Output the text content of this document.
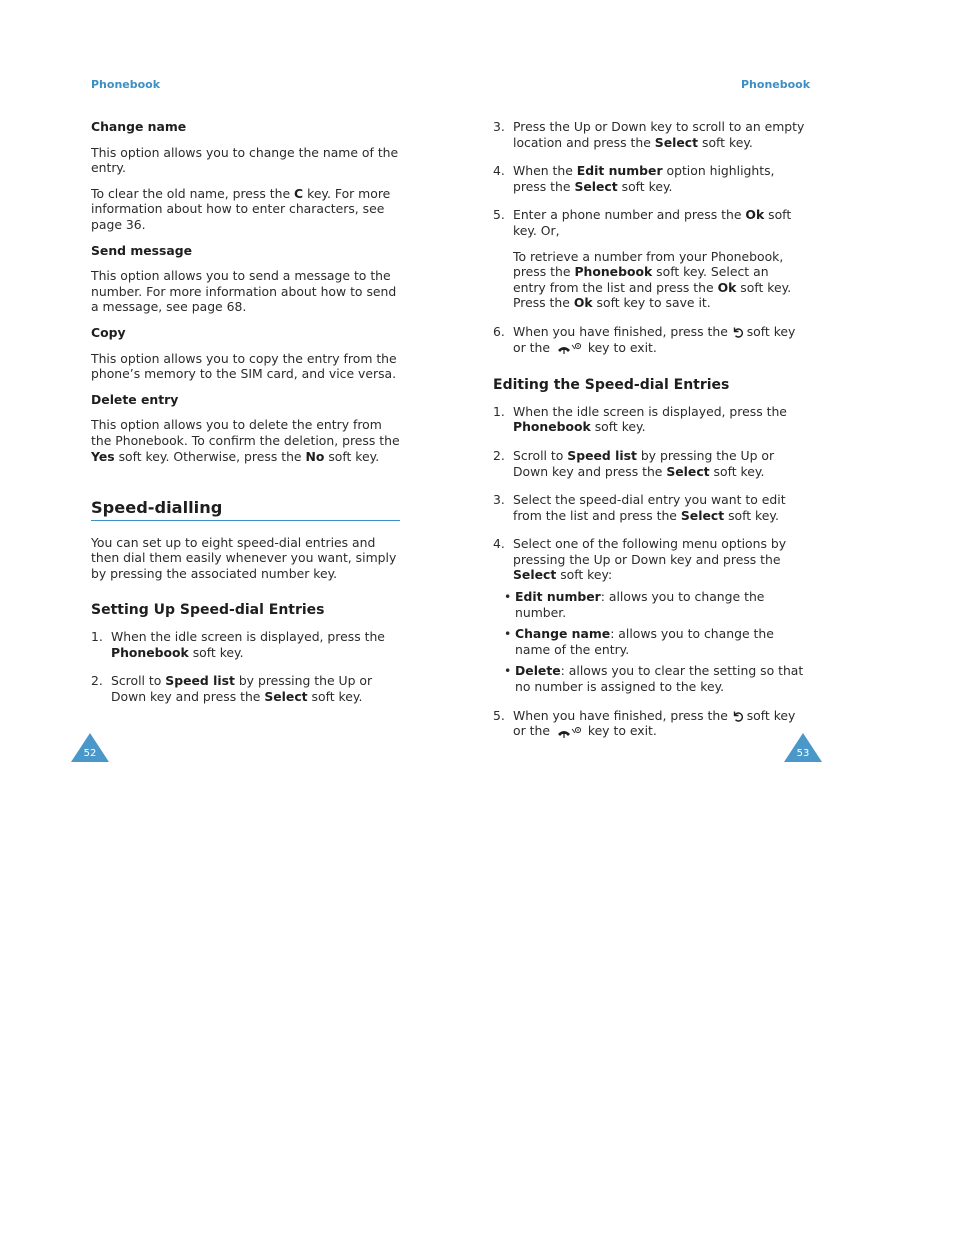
Phonebook	Phonebook

Change name

This option allows you to change the name of the entry.

To clear the old name, press the C key. For more information about how to enter characters, see page 36.

Send message

This option allows you to send a message to the number. For more information about how to send a message, see page 68.

Copy

This option allows you to copy the entry from the phone’s memory to the SIM card, and vice versa.

Delete entry

This option allows you to delete the entry from the Phonebook. To confirm the deletion, press the Yes soft key. Otherwise, press the No soft key.

Speed-dialling

You can set up to eight speed-dial entries and then dial them easily whenever you want, simply by pressing the associated number key.

Setting Up Speed-dial Entries

1. When the idle screen is displayed, press the Phonebook soft key.
2. Scroll to Speed list by pressing the Up or Down key and press the Select soft key.
3. Press the Up or Down key to scroll to an empty location and press the Select soft key.
4. When the Edit number option highlights, press the Select soft key.
5. Enter a phone number and press the Ok soft key. Or,

To retrieve a number from your Phonebook, press the Phonebook soft key. Select an entry from the list and press the Ok soft key. Press the Ok soft key to save it.

6. When you have finished, press the  soft key or the  key to exit.

Editing the Speed-dial Entries

1. When the idle screen is displayed, press the Phonebook soft key.
2. Scroll to Speed list by pressing the Up or Down key and press the Select soft key.
3. Select the speed-dial entry you want to edit from the list and press the Select soft key.
4. Select one of the following menu options by pressing the Up or Down key and press the Select soft key:
• Edit number: allows you to change the number.
• Change name: allows you to change the name of the entry.
• Delete: allows you to clear the setting so that no number is assigned to the key.
5. When you have finished, press the  soft key or the  key to exit.
52	53
